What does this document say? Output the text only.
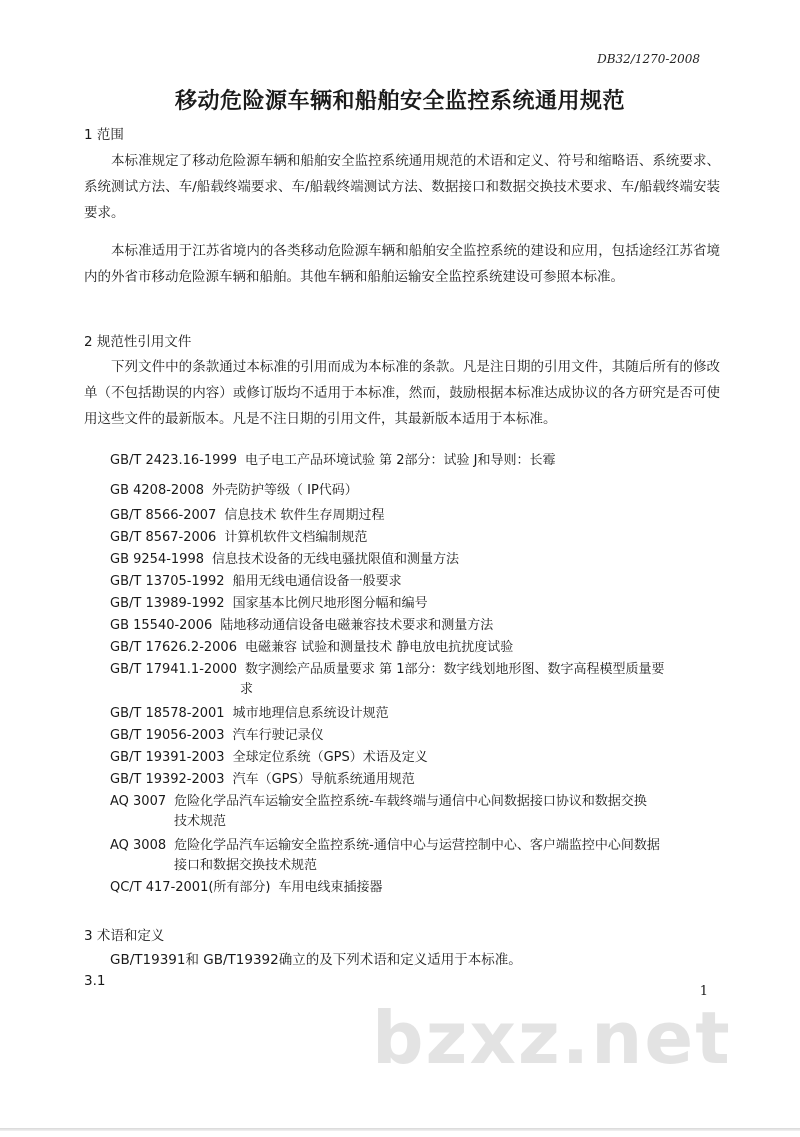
DB32/1270-2008
移动危险源车辆和船舶安全监控系统通用规范
1 范围
本标准规定了移动危险源车辆和船舶安全监控系统通用规范的术语和定义、符号和缩略语、系统要求、系统测试方法、车/船载终端要求、车/船载终端测试方法、数据接口和数据交换技术要求、车/船载终端安装要求。
本标准适用于江苏省境内的各类移动危险源车辆和船舶安全监控系统的建设和应用，包括途经江苏省境内的外省市移动危险源车辆和船舶。其他车辆和船舶运输安全监控系统建设可参照本标准。
2 规范性引用文件
下列文件中的条款通过本标准的引用而成为本标准的条款。凡是注日期的引用文件，其随后所有的修改单（不包括勘误的内容）或修订版均不适用于本标准，然而，鼓励根据本标准达成协议的各方研究是否可使用这些文件的最新版本。凡是不注日期的引用文件，其最新版本适用于本标准。
GB/T 2423.16-1999 电子电工产品环境试验 第 2部分：试验 J和导则：长霉
GB 4208-2008 外壳防护等级（ IP代码）
GB/T 8566-2007 信息技术 软件生存周期过程
GB/T 8567-2006 计算机软件文档编制规范
GB 9254-1998 信息技术设备的无线电骚扰限值和测量方法
GB/T 13705-1992 船用无线电通信设备一般要求
GB/T 13989-1992 国家基本比例尺地形图分幅和编号
GB 15540-2006 陆地移动通信设备电磁兼容技术要求和测量方法
GB/T 17626.2-2006 电磁兼容 试验和测量技术 静电放电抗扰度试验
GB/T 17941.1-2000 数字测绘产品质量要求 第 1部分：数字线划地形图、数字高程模型质量要
求
GB/T 18578-2001 城市地理信息系统设计规范
GB/T 19056-2003 汽车行驶记录仪
GB/T 19391-2003 全球定位系统（GPS）术语及定义
GB/T 19392-2003 汽车（GPS）导航系统通用规范
AQ 3007 危险化学品汽车运输安全监控系统-车载终端与通信中心间数据接口协议和数据交换
技术规范
AQ 3008 危险化学品汽车运输安全监控系统-通信中心与运营控制中心、客户端监控中心间数据
接口和数据交换技术规范
QC/T 417-2001(所有部分) 车用电线束插接器
3 术语和定义
GB/T19391和 GB/T19392确立的及下列术语和定义适用于本标准。
3.1
1
bzxz.net
